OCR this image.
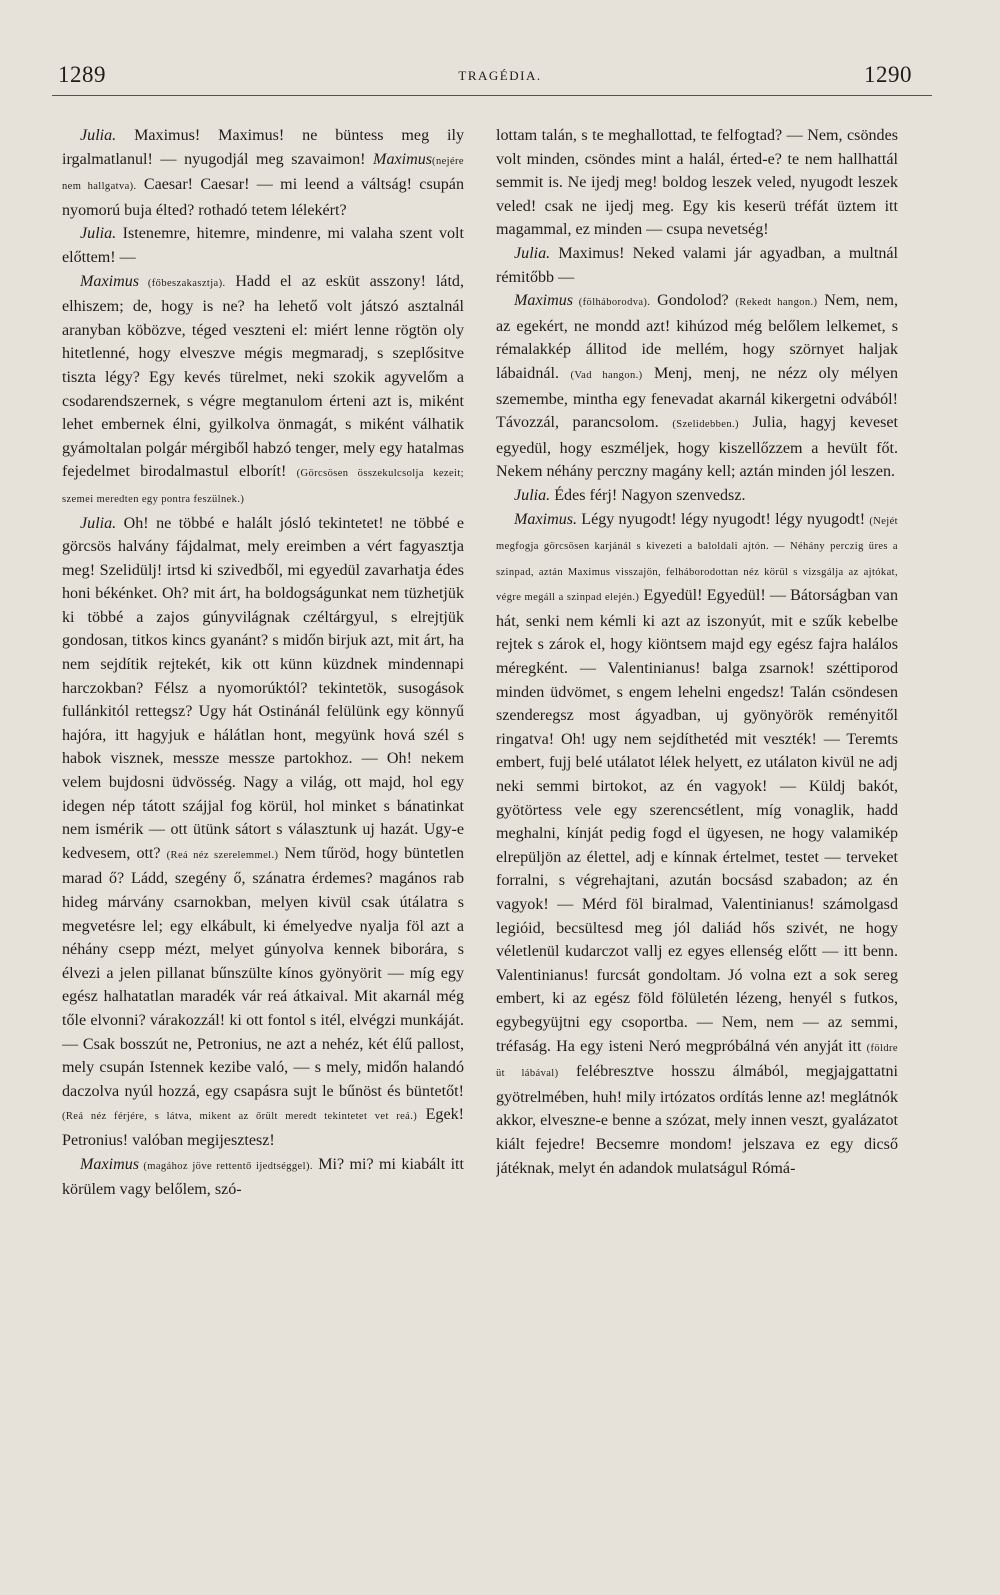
1289	TRAGÉDIA.	1290

Julia. Maximus! Maximus! ne büntess meg ily irgalmatlanul! — nyugodjál meg szavaimon! Maximus(nejére nem hallgatva). Caesar! Caesar! — mi leend a váltság! csupán nyomorú buja élted? rothadó tetem lélekért?

Julia. Istenemre, hitemre, mindenre, mi valaha szent volt előttem! —

Maximus (főbeszakasztja). Hadd el az esküt asszony! látd, elhiszem; de, hogy is ne? ha lehető volt játszó asztalnál aranyban köbözve, téged veszteni el: miért lenne rögtön oly hitetlenné, hogy elveszve mégis megmaradj, s szeplősitve tiszta légy? Egy kevés türelmet, neki szokik agyvelőm a csodarendszernek, s végre megtanulom érteni azt is, miként lehet embernek élni, gyilkolva önmagát, s miként válhatik gyámoltalan polgár mérgiből habzó tenger, mely egy hatalmas fejedelmet birodalmastul elborít! (Görcsösen összekulcsolja kezeit; szemei meredten egy pontra feszülnek.)

Julia. Oh! ne többé e halált jósló tekintetet! ne többé e görcsös halvány fájdalmat, mely ereimben a vért fagyasztja meg! Szelidülj! irtsd ki szivedből, mi egyedül zavarhatja édes honi békénket. Oh? mit árt, ha boldogságunkat nem tüzhetjük ki többé a zajos gúnyvilágnak czéltárgyul, s elrejtjük gondosan, titkos kincs gyanánt? s midőn birjuk azt, mit árt, ha nem sejdítik rejtekét, kik ott künn küzdnek mindennapi harczokban? Félsz a nyomorúktól? tekintetök, susogások fullánkitól rettegsz? Ugy hát Ostinánál felülünk egy könnyű hajóra, itt hagyjuk e hálátlan hont, megyünk hová szél s habok visznek, messze messze partokhoz. — Oh! nekem velem bujdosni üdvösség. Nagy a világ, ott majd, hol egy idegen nép tátott szájjal fog körül, hol minket s bánatinkat nem ismérik — ott ütünk sátort s választunk uj hazát. Ugy-e kedvesem, ott? (Reá néz szerelemmel.) Nem tűröd, hogy büntetlen marad ő? Ládd, szegény ő, szánatra érdemes? magános rab hideg márvány csarnokban, melyen kivül csak útálatra s megvetésre lel; egy elkábult, ki émelyedve nyalja föl azt a néhány csepp mézt, melyet gúnyolva kennek biborára, s élvezi a jelen pillanat bűnszülte kínos gyönyörit — míg egy egész halhatatlan maradék vár reá átkaival. Mit akarnál még tőle elvonni? várakozzál! ki ott fontol s itél, elvégzi munkáját. — Csak bosszút ne, Petronius, ne azt a nehéz, két élű pallost, mely csupán Istennek kezibe való, — s mely, midőn halandó daczolva nyúl hozzá, egy csapásra sujt le bűnöst és büntetőt! (Reá néz férjére, s látva, mikent az őrült meredt tekintetet vet reá.) Egek! Petronius! valóban megijesztesz!

Maximus (magához jöve rettentő ijedtséggel). Mi? mi? mi kiabált itt körülem vagy belőlem, szó-

lottam talán, s te meghallottad, te felfogtad? — Nem, csöndes volt minden, csöndes mint a halál, érted-e? te nem hallhattál semmit is. Ne ijedj meg! boldog leszek veled, nyugodt leszek veled! csak ne ijedj meg. Egy kis keserü tréfát üztem itt magammal, ez minden — csupa nevetség!

Julia. Maximus! Neked valami jár agyadban, a multnál rémitőbb —

Maximus (fölháborodva). Gondolod? (Rekedt hangon.) Nem, nem, az egekért, ne mondd azt! kihúzod még belőlem lelkemet, s rémalakkép állitod ide mellém, hogy szörnyet haljak lábaidnál. (Vad hangon.) Menj, menj, ne nézz oly mélyen szemembe, mintha egy fenevadat akarnál kikergetni odvából! Távozzál, parancsolom. (Szelidebben.) Julia, hagyj keveset egyedül, hogy eszméljek, hogy kiszellőzzem a hevült főt. Nekem néhány perczny magány kell; aztán minden jól leszen.

Julia. Édes férj! Nagyon szenvedsz.

Maximus. Légy nyugodt! légy nyugodt! légy nyugodt! (Nejét megfogja görcsösen karjánál s kivezeti a baloldali ajtón. — Néhány perczig üres a szinpad, aztán Maximus visszajön, felháborodottan néz körül s vizsgálja az ajtókat, végre megáll a szinpad elején.) Egyedül! Egyedül! — Bátorságban van hát, senki nem kémli ki azt az iszonyút, mit e szűk kebelbe rejtek s zárok el, hogy kiöntsem majd egy egész fajra halálos méregként. — Valentinianus! balga zsarnok! széttiporod minden üdvömet, s engem lehelni engedsz! Talán csöndesen szenderegsz most ágyadban, uj gyönyörök reményitől ringatva! Oh! ugy nem sejdíthetéd mit veszték! — Teremts embert, fujj belé utálatot lélek helyett, ez utálaton kivül ne adj neki semmi birtokot, az én vagyok! — Küldj bakót, gyötörtess vele egy szerencsétlent, míg vonaglik, hadd meghalni, kínját pedig fogd el ügyesen, ne hogy valamikép elrepüljön az élettel, adj e kínnak értelmet, testet — terveket forralni, s végrehajtani, azután bocsásd szabadon; az én vagyok! — Mérd föl biralmad, Valentinianus! számolgasd legióid, becsültesd meg jól daliád hős szivét, ne hogy véletlenül kudarczot vallj ez egyes ellenség előtt — itt benn. Valentinianus! furcsát gondoltam. Jó volna ezt a sok sereg embert, ki az egész föld fölületén lézeng, henyél s futkos, egybegyüjtni egy csoportba. — Nem, nem — az semmi, tréfaság. Ha egy isteni Neró megpróbálná vén anyját itt (földre üt lábával) felébresztve hosszu álmából, megjajgattatni gyötrelmében, huh! mily irtózatos ordítás lenne az! meglátnók akkor, elveszne-e benne a szózat, mely innen veszt, gyalázatot kiált fejedre! Becsemre mondom! jelszava ez egy dicső játéknak, melyt én adandok mulatságul Rómá-
